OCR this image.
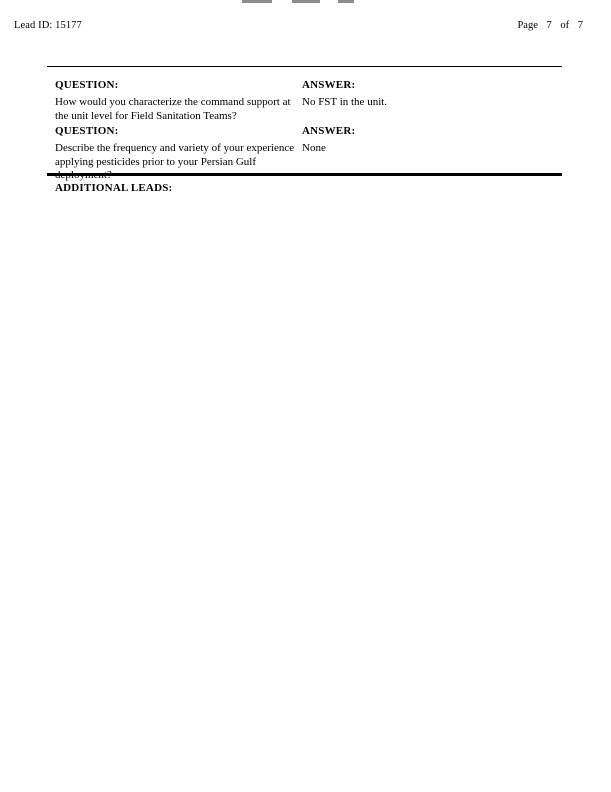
Lead ID: 15177	Page 7 of 7
QUESTION:
How would you characterize the command support at the unit level for Field Sanitation Teams?
ANSWER:
No FST in the unit.
QUESTION:
Describe the frequency and variety of your experience applying pesticides prior to your Persian Gulf deployment?
ANSWER:
None
ADDITIONAL LEADS:
